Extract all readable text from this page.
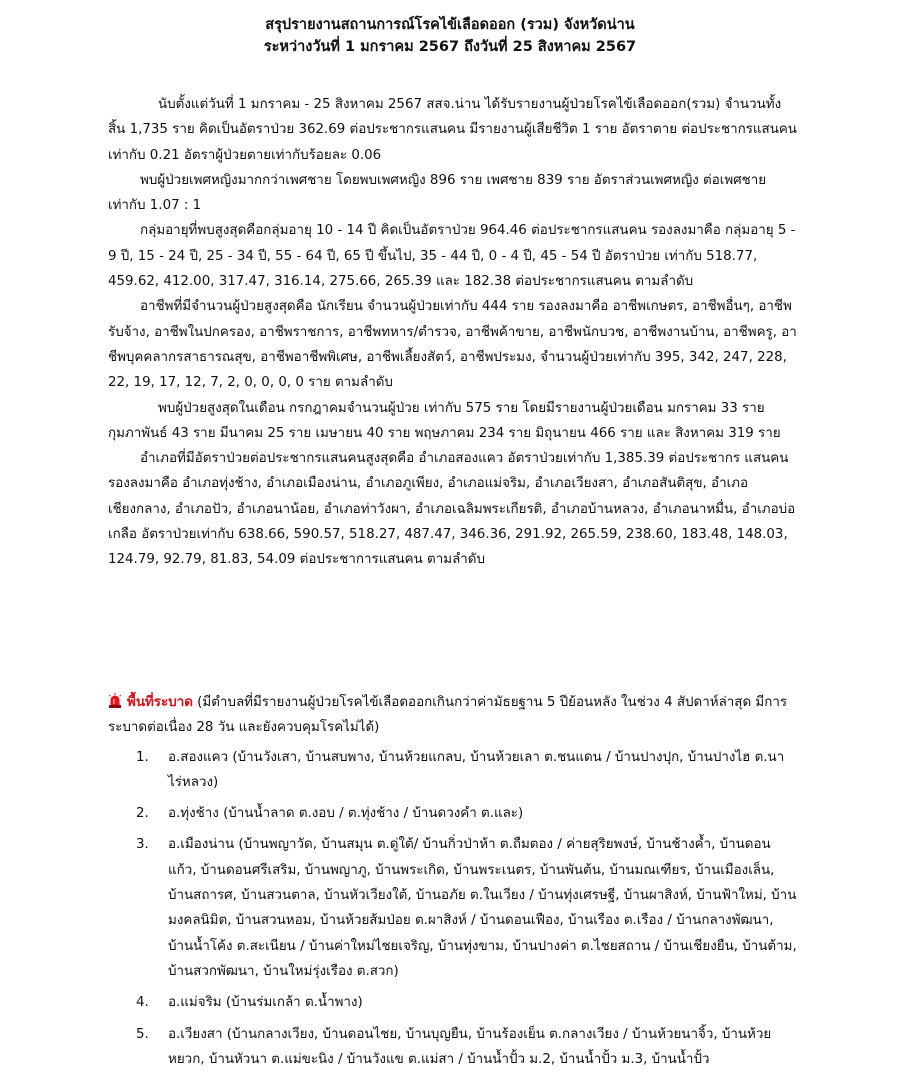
สรุปรายงานสถานการณ์โรคไข้เลือดออก (รวม) จังหวัดน่าน

ระหว่างวันที่ 1 มกราคม 2567 ถึงวันที่ 25 สิงหาคม 2567

นับตั้งแต่วันที่ 1 มกราคม - 25 สิงหาคม 2567 สสจ.น่าน ได้รับรายงานผู้ป่วยโรคไข้เลือดออก(รวม) จำนวนทั้งสิ้น 1,735 ราย คิดเป็นอัตราป่วย 362.69 ต่อประชากรแสนคน มีรายงานผู้เสียชีวิต 1 ราย อัตราตาย ต่อประชากรแสนคน เท่ากับ 0.21 อัตราผู้ป่วยตายเท่ากับร้อยละ 0.06

พบผู้ป่วยเพศหญิงมากกว่าเพศชาย โดยพบเพศหญิง 896 ราย เพศชาย 839 ราย อัตราส่วนเพศหญิง ต่อเพศชาย เท่ากับ 1.07 : 1

กลุ่มอายุที่พบสูงสุดคือกลุ่มอายุ 10 - 14 ปี คิดเป็นอัตราป่วย 964.46 ต่อประชากรแสนคน รองลงมาคือ กลุ่มอายุ 5 - 9 ปี, 15 - 24 ปี, 25 - 34 ปี, 55 - 64 ปี, 65 ปี ขึ้นไป, 35 - 44 ปี, 0 - 4 ปี, 45 - 54 ปี อัตราป่วย เท่ากับ 518.77, 459.62, 412.00, 317.47, 316.14, 275.66, 265.39 และ 182.38 ต่อประชากรแสนคน ตามลำดับ

อาชีพที่มีจำนวนผู้ป่วยสูงสุดคือ นักเรียน จำนวนผู้ป่วยเท่ากับ 444 ราย รองลงมาคือ อาชีพเกษตร, อาชีพอื่นๆ, อาชีพรับจ้าง, อาชีพในปกครอง, อาชีพราชการ, อาชีพทหาร/ตำรวจ, อาชีพค้าขาย, อาชีพนักบวช, อาชีพงานบ้าน, อาชีพครู, อาชีพบุคคลากรสาธารณสุข, อาชีพอาชีพพิเศษ, อาชีพเลี้ยงสัตว์, อาชีพประมง, จำนวนผู้ป่วยเท่ากับ 395, 342, 247, 228, 22, 19, 17, 12, 7, 2, 0, 0, 0, 0 ราย ตามลำดับ

พบผู้ป่วยสูงสุดในเดือน กรกฎาคมจำนวนผู้ป่วย เท่ากับ 575 ราย โดยมีรายงานผู้ป่วยเดือน มกราคม 33 ราย กุมภาพันธ์ 43 ราย มีนาคม 25 ราย เมษายน 40 ราย พฤษภาคม 234 ราย มิถุนายน 466 ราย และ สิงหาคม 319 ราย

อำเภอที่มีอัตราป่วยต่อประชากรแสนคนสูงสุดคือ อำเภอสองแคว อัตราป่วยเท่ากับ 1,385.39 ต่อประชากร แสนคน รองลงมาคือ อำเภอทุ่งช้าง, อำเภอเมืองน่าน, อำเภอภูเพียง, อำเภอแม่จริม, อำเภอเวียงสา, อำเภอสันติสุข, อำเภอเชียงกลาง, อำเภอปัว, อำเภอนาน้อย, อำเภอท่าวังผา, อำเภอเฉลิมพระเกียรติ, อำเภอบ้านหลวง, อำเภอนาหมื่น, อำเภอบ่อเกลือ อัตราป่วยเท่ากับ 638.66, 590.57, 518.27, 487.47, 346.36, 291.92, 265.59, 238.60, 183.48, 148.03, 124.79, 92.79, 81.83, 54.09 ต่อประชาการแสนคน ตามลำดับ

พื้นที่ระบาด (มีตำบลที่มีรายงานผู้ป่วยโรคไข้เลือดออกเกินกว่าค่ามัธยฐาน 5 ปีย้อนหลัง ในช่วง 4 สัปดาห์ล่าสุด มีการระบาดต่อเนื่อง 28 วัน และยังควบคุมโรคไม่ได้)

1. อ.สองแคว (บ้านวังเสา, บ้านสบพาง, บ้านห้วยแกลบ, บ้านห้วยเลา ต.ชนแดน / บ้านปางปุก, บ้านปางไฮ ต.นาไร่หลวง)
2. อ.ทุ่งช้าง (บ้านน้ำลาด ต.งอบ / ต.ทุ่งช้าง / บ้านดวงคำ ต.และ)
3. อ.เมืองน่าน (บ้านพญาวัด, บ้านสมุน ต.ดู่ใต้/ บ้านกิ่วป่าห้า ต.ถืมตอง / ค่ายสุริยพงษ์, บ้านช้างค้ำ, บ้านดอนแก้ว, บ้านดอนศรีเสริม, บ้านพญาภู, บ้านพระเกิด, บ้านพระเนตร, บ้านพันต้น, บ้านมณเฑียร, บ้านเมืองเล็น, บ้านสถารศ, บ้านสวนตาล, บ้านหัวเวียงใต้, บ้านอภัย ต.ในเวียง / บ้านทุ่งเศรษฐี, บ้านผาสิงห์, บ้านฟ้าใหม่, บ้านมงคลนิมิต, บ้านสวนหอม, บ้านห้วยส้มป่อย ต.ผาสิงห์ / บ้านดอนเฟือง, บ้านเรือง ต.เรือง / บ้านกลางพัฒนา, บ้านน้ำโค้ง ต.สะเนียน / บ้านค่าใหม่ไชยเจริญ, บ้านทุ่งขาม, บ้านปางค่า ต.ไชยสถาน / บ้านเชียงยืน, บ้านต้าม, บ้านสวกพัฒนา, บ้านใหม่รุ่งเรือง ต.สวก)
4. อ.แม่จริม (บ้านร่มเกล้า ต.น้ำพาง)
5. อ.เวียงสา (บ้านกลางเวียง, บ้านดอนไชย, บ้านบุญยืน, บ้านร้องเย็น ต.กลางเวียง / บ้านห้วยนาจิ้ว, บ้านห้วยหยวก, บ้านหัวนา ต.แม่ขะนิง / บ้านวังแข ต.แม่สา / บ้านน้ำปั้ว ม.2, บ้านน้ำปั้ว ม.3, บ้านน้ำปั้ว
